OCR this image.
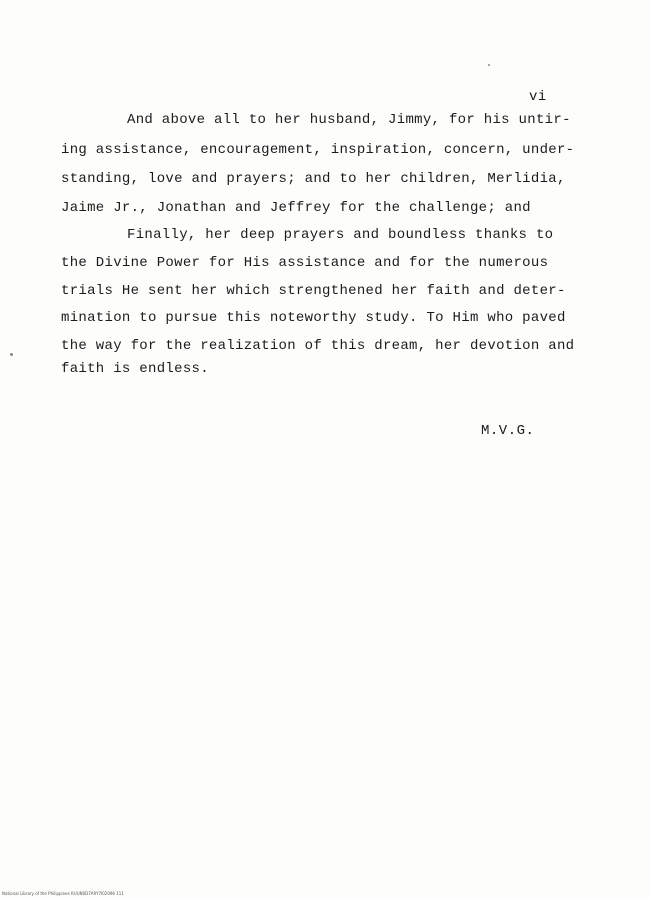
vi
And above all to her husband, Jimmy, for his untir-
ing assistance, encouragement, inspiration, concern, under-
standing, love and prayers; and to her children, Merlidia,
Jaime Jr., Jonathan and Jeffrey for the challenge; and
Finally, her deep prayers and boundless thanks to
the Divine Power for His assistance and for the numerous
trials He sent her which strengthened her faith and deter-
mination to pursue this noteworthy study. To Him who paved
the way for the realization of this dream, her devotion and
faith is endless.
M.V.G.
National Library of the Philippines RUUN0D7A9Y7I02096 111
